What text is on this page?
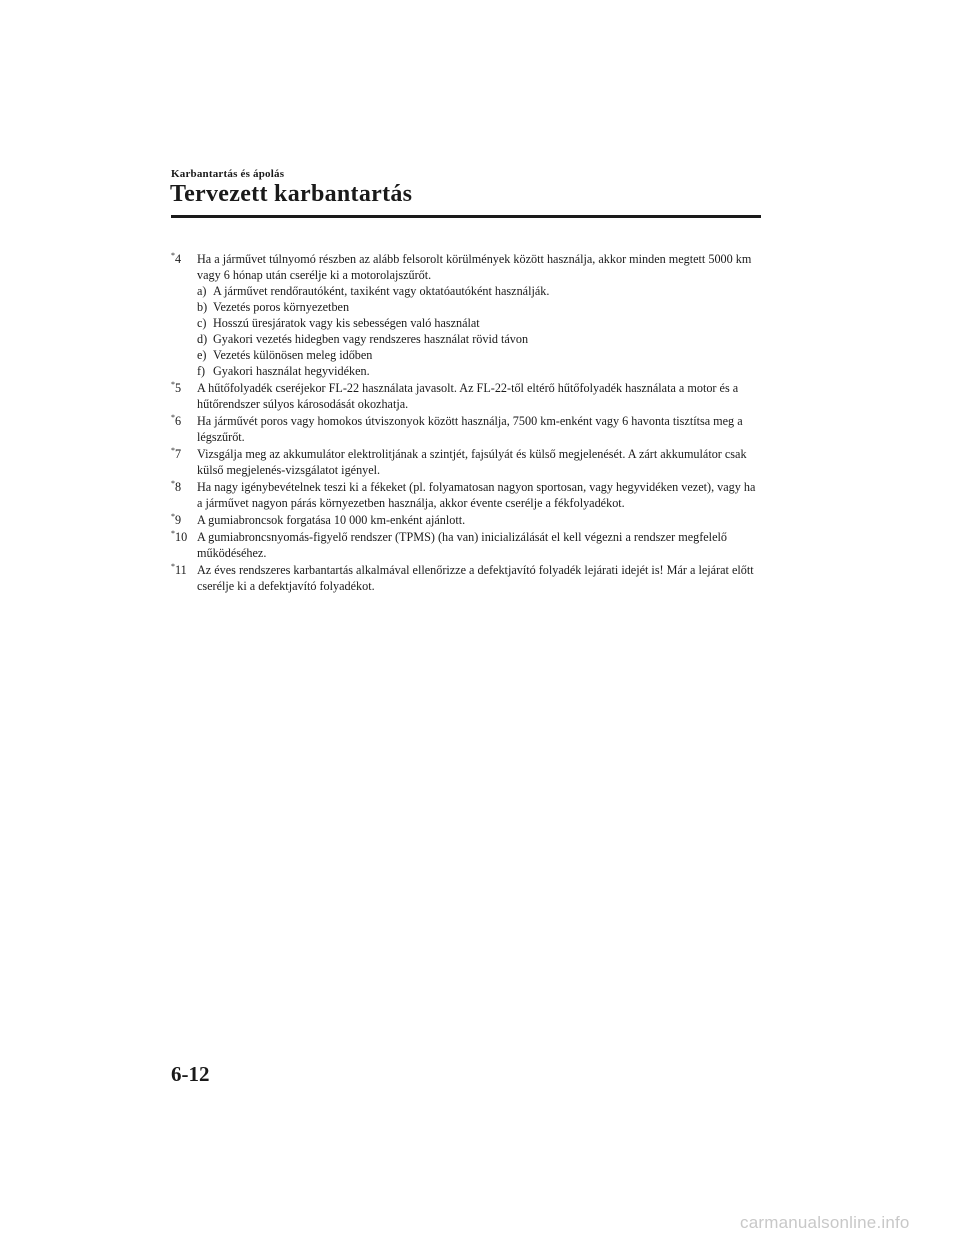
Karbantartás és ápolás
Tervezett karbantartás
*4 Ha a járművet túlnyomó részben az alább felsorolt körülmények között használja, akkor minden megtett 5000 km vagy 6 hónap után cserélje ki a motorolajszűrőt.
a) A járművet rendőrautóként, taxiként vagy oktatóautóként használják.
b) Vezetés poros környezetben
c) Hosszú üresjáratok vagy kis sebességen való használat
d) Gyakori vezetés hidegben vagy rendszeres használat rövid távon
e) Vezetés különösen meleg időben
f) Gyakori használat hegyvidéken.
*5 A hűtőfolyadék cseréjekor FL-22 használata javasolt. Az FL-22-től eltérő hűtőfolyadék használata a motor és a hűtőrendszer súlyos károsodását okozhatja.
*6 Ha járművét poros vagy homokos útviszonyok között használja, 7500 km-enként vagy 6 havonta tisztítsa meg a légszűrőt.
*7 Vizsgálja meg az akkumulátor elektrolitjának a szintjét, fajsúlyát és külső megjelenését. A zárt akkumulátor csak külső megjelenés-vizsgálatot igényel.
*8 Ha nagy igénybevételnek teszi ki a fékeket (pl. folyamatosan nagyon sportosan, vagy hegyvidéken vezet), vagy ha a járművet nagyon párás környezetben használja, akkor évente cserélje a fékfolyadékot.
*9 A gumiabroncsok forgatása 10 000 km-enként ajánlott.
*10 A gumiabroncsnyomás-figyelő rendszer (TPMS) (ha van) inicializálását el kell végezni a rendszer megfelelő működéséhez.
*11 Az éves rendszeres karbantartás alkalmával ellenőrizze a defektjavító folyadék lejárati idejét is! Már a lejárat előtt cserélje ki a defektjavító folyadékot.
6-12
carmanualsonline.info
